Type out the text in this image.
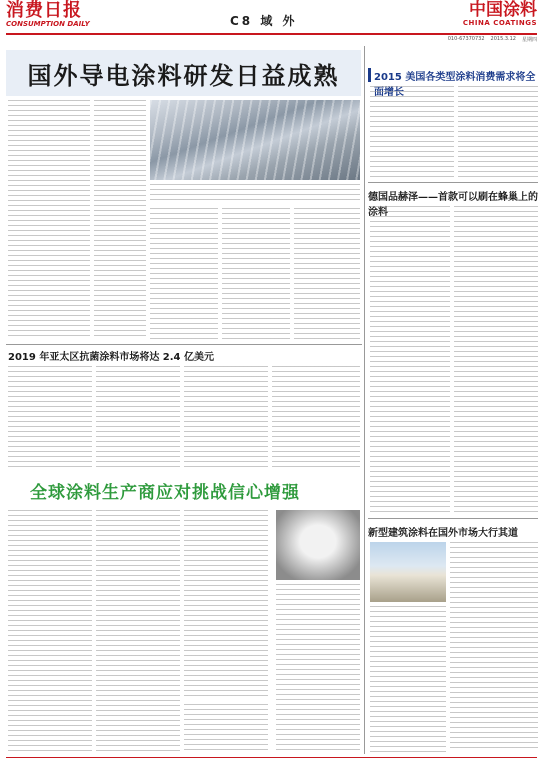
消费日报
CONSUMPTION DAILY	C8 域 外
中国涂料
CHINA COATINGS
010-67370732 2015.3.12 星期四
国外导电涂料研发日益成熟	2015 美国各类型涂料消费需求将全面增长
德国品赫泽——首款可以刷在蜂巢上的涂料
新型建筑涂料在国外市场大行其道
2019 年亚太区抗菌涂料市场将达 2.4 亿美元
全球涂料生产商应对挑战信心增强
